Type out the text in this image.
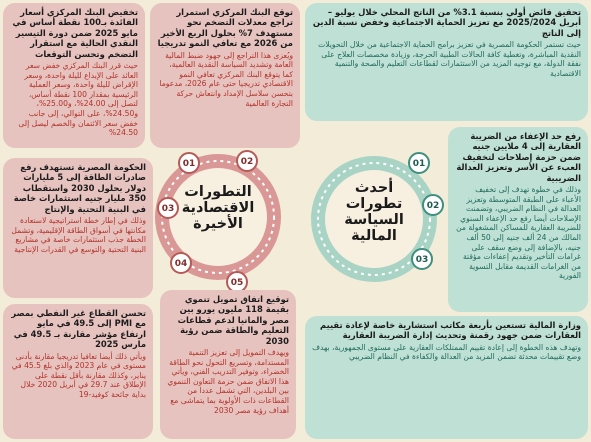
التطورات
الاقتصادية
الأخيرة
أحدث
تطورات
السياسة المالية
01	02
03
04
05
01
02
03
تخفيض البنك المركزي أسعار الفائدة بـ100 نقطة أساس في مايو 2025 ضمن دورة التيسير النقدي الحالية مع استقرار التضخم وتحسن التوقعات
حيث قرر البنك المركزي خفض سعر العائد على الإيداع لليلة واحدة، وسعر الإقراض لليلة واحدة، وسعر العملية الرئيسية بمقدار 100 نقطة أساس، لتصل إلى 24.00%، و25.00%، و24.50%، على التوالي، إلى جانب خفض سعر الائتمان والخصم ليصل إلى 24.50%
توقع البنك المركزي استمرار تراجع معدلات التضخم نحو مستهدف 7% بحلول الربع الأخير من 2026 مع تعافي النمو تدريجيا
ويُعزى هذا التراجع إلى جهود ضبط المالية العامة وتشديد السياسة النقدية العالمية، كما يتوقع البنك المركزي تعافي النمو الاقتصادي تدريجيا حتى عام 2026، مدعوما بتحسن سلاسل الإمداد وانتعاش حركة التجارة العالمية
الحكومة المصرية تستهدف رفع صادرات الطاقة إلى 5 مليارات دولار بحلول 2030 واستقطاب 350 مليار جنيه استثمارات خاصة في البنية التحتية والإنتاج
وذلك في إطار خطة استراتيجية لاستعادة مكانتها في أسواق الطاقة الإقليمية، وتشمل الخطة جذب استثمارات خاصة في مشاريع البنية التحتية والتوسع في القدرات الإنتاجية
تحسن القطاع غير النفطي بمصر مع PMI إلى 49.5 في مايو ارتفاع مؤشر مقارنة بـ 49.5 في مارس 2025
ويأتي ذلك أيضا تعافيا تدريجيا مقارنة بأدنى مستوى في عام 2023 والذي بلغ 45.5 في يناير، وكذلك مقارنة بأقل نقطة على الإطلاق عند 29.7 في أبريل 2020 خلال بداية جائحة كوفيد-19
توقيع اتفاق تمويل تنموي بقيمة 118 مليون يورو بين مصر والمانيا لدعم قطاعات التعليم والطاقة ضمن رؤية 2030
ويهدف التمويل إلى تعزيز التنمية المستدامة، وتسريع التحول نحو الطاقة الخضراء، وتوفير التدريب الفني، ويأتي هذا الاتفاق ضمن حزمة التعاون التنموي بين البلدين، التي تشمل عددا من القطاعات ذات الأولوية بما يتماشى مع أهداف رؤية مصر 2030
تحقيق فائض أولي بنسبة 3.1% من الناتج المحلي خلال يوليو – أبريل 2025/2024 مع تعزيز الحماية الاجتماعية وخفض نسبة الدين إلى الناتج
حيث تستمر الحكومة المصرية في تعزيز برامج الحماية الاجتماعية من خلال التحويلات النقدية المباشرة، وتغطية كافة الحالات الطبية الحرجة، وزيادة مخصصات العلاج على نفقة الدولة، مع توجيه المزيد من الاستثمارات لقطاعات التعليم والصحة والتنمية الاقتصادية
رفع حد الإعفاء من الضريبة العقارية إلى 4 ملايين جنيه ضمن حزمة إصلاحات لتخفيف العبء عن الأسر وتعزيز العدالة الضريبية
وذلك في خطوة تهدف إلى تخفيف الأعباء على الطبقة المتوسطة وتعزيز العدالة في النظام الضريبي، وتضمنت الإصلاحات أيضا رفع حد الإعفاء السنوي للضريبة العقارية للمساكن المشغولة من المالك من 24 ألف جنيه إلى 50 ألف جنيه، بالإضافة إلى وضع سقف على غرامات التأخير وتقديم إعفاءات مؤقتة من الغرامات القديمة مقابل التسوية الفورية
وزارة المالية تستعين بأربعة مكاتب استشارية خاصة لإعادة تقييم العقارات ضمن جهود رقمنة وتحديث إدارة الضريبة العقارية
وتهدف هذه الخطوة إلى إعادة تقييم الممتلكات العقارية على مستوى الجمهورية، بهدف وضع تقييمات محدثة تضمن المزيد من العدالة والكفاءة في النظام الضريبي
